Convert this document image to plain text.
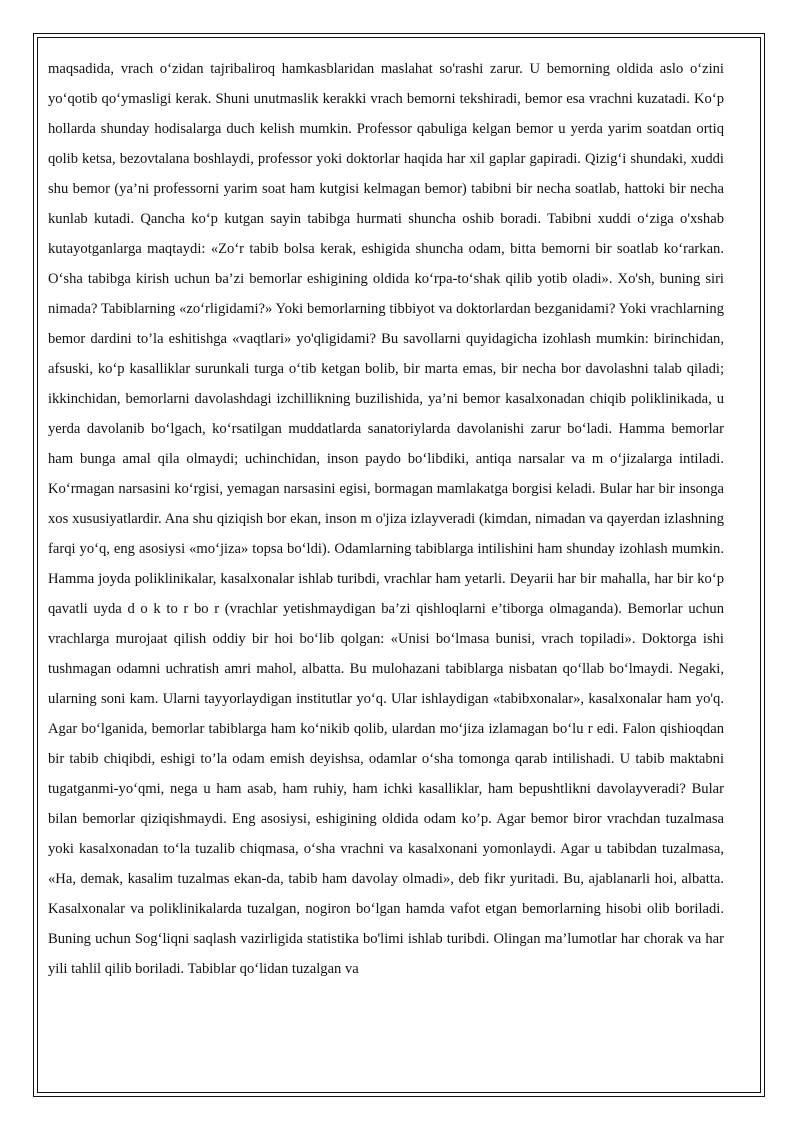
maqsadida, vrach o‘zidan tajribaliroq hamkasblaridan maslahat so'rashi zarur. U bemorning oldida aslo o‘zini yo‘qotib qo‘ymasligi kerak. Shuni unutmaslik kerakki vrach bemorni tekshiradi, bemor esa vrachni kuzatadi. Ko‘p hollarda shunday hodisalarga duch kelish mumkin. Professor qabuliga kelgan bemor u yerda yarim soatdan ortiq qolib ketsa, bezovtalana boshlaydi, professor yoki doktorlar haqida har xil gaplar gapiradi. Qizig‘i shundaki, xuddi shu bemor (ya’ni professorni yarim soat ham kutgisi kelmagan bemor) tabibni bir necha soatlab, hattoki bir necha kunlab kutadi. Qancha ko‘p kutgan sayin tabibga hurmati shuncha oshib boradi. Tabibni xuddi o‘ziga o'xshab kutayotganlarga maqtaydi: «Zo‘r tabib bolsa kerak, eshigida shuncha odam, bitta bemorni bir soatlab ko‘rarkan. O‘sha tabibga kirish uchun ba’zi bemorlar eshigining oldida ko‘rpa-to‘shak qilib yotib oladi». Xo'sh, buning siri nimada? Tabiblarning «zo‘rligidami?» Yoki bemorlarning tibbiyot va doktorlardan bezganidami? Yoki vrachlarning bemor dardini to’la eshitishga «vaqtlari» yo'qligidami? Bu savollarni quyidagicha izohlash mumkin: birinchidan, afsuski, ko‘p kasalliklar surunkali turga o‘tib ketgan bolib, bir marta emas, bir necha bor davolashni talab qiladi; ikkinchidan, bemorlarni davolashdagi izchillikning buzilishida, ya’ni bemor kasalxonadan chiqib poliklinikada, u yerda davolanib bo‘lgach, ko‘rsatilgan muddatlarda sanatoriylarda davolanishi zarur bo‘ladi. Hamma bemorlar ham bunga amal qila olmaydi; uchinchidan, inson paydo bo‘libdiki, antiqa narsalar va m o‘jizalarga intiladi. Ko‘rmagan narsasini ko‘rgisi, yemagan narsasini egisi, bormagan mamlakatga borgisi keladi. Bular har bir insonga xos xususiyatlardir. Ana shu qiziqish bor ekan, inson m o'jiza izlayveradi (kimdan, nimadan va qayerdan izlashning farqi yo‘q, eng asosiysi «mo‘jiza» topsa bo‘ldi). Odamlarning tabiblarga intilishini ham shunday izohlash mumkin. Hamma joyda poliklinikalar, kasalxonalar ishlab turibdi, vrachlar ham yetarli. Deyarii har bir mahalla, har bir ko‘p qavatli uyda d o k to r bo r (vrachlar yetishmaydigan ba’zi qishloqlarni e’tiborga olmaganda). Bemorlar uchun vrachlarga murojaat qilish oddiy bir hoi bo‘lib qolgan: «Unisi bo‘lmasa bunisi, vrach topiladi». Doktorga ishi tushmagan odamni uchratish amri mahol, albatta. Bu mulohazani tabiblarga nisbatan qo‘llab bo‘lmaydi. Negaki, ularning soni kam. Ularni tayyorlaydigan institutlar yo‘q. Ular ishlaydigan «tabibxonalar», kasalxonalar ham yo'q. Agar bo‘lganida, bemorlar tabiblarga ham ko‘nikib qolib, ulardan mo‘jiza izlamagan bo‘lu r edi. Falon qishioqdan bir tabib chiqibdi, eshigi to’la odam emish deyishsa, odamlar o‘sha tomonga qarab intilishadi. U tabib maktabni tugatganmi-yo‘qmi, nega u ham asab, ham ruhiy, ham ichki kasalliklar, ham bepushtlikni davolayveradi? Bular bilan bemorlar qiziqishmaydi. Eng asosiysi, eshigining oldida odam ko’p. Agar bemor biror vrachdan tuzalmasa yoki kasalxonadan to‘la tuzalib chiqmasa, o‘sha vrachni va kasalxonani yomonlaydi. Agar u tabibdan tuzalmasa, «Ha, demak, kasalim tuzalmas ekan-da, tabib ham davolay olmadi», deb fikr yuritadi. Bu, ajablanarli hoi, albatta. Kasalxonalar va poliklinikalarda tuzalgan, nogiron bo‘lgan hamda vafot etgan bemorlarning hisobi olib boriladi. Buning uchun Sog‘liqni saqlash vazirligida statistika bo'limi ishlab turibdi. Olingan ma’lumotlar har chorak va har yili tahlil qilib boriladi. Tabiblar qo‘lidan tuzalgan va
